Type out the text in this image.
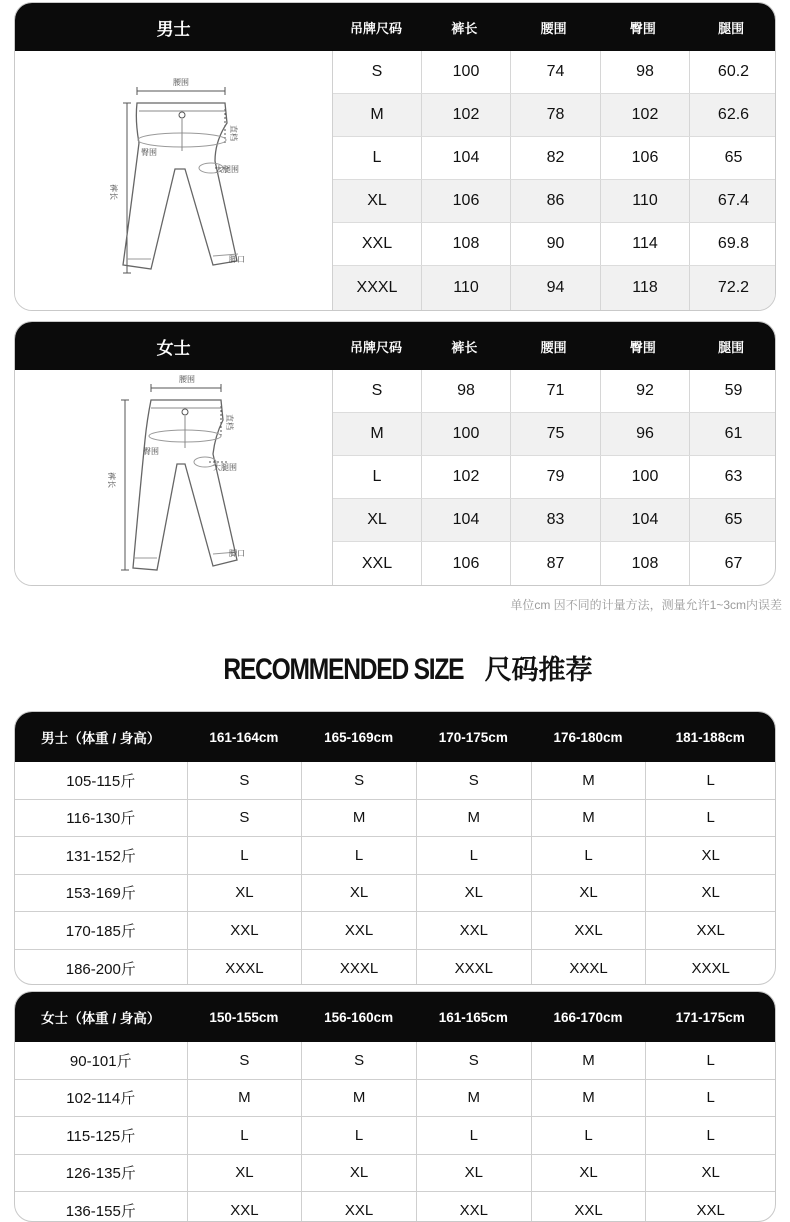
男士	吊牌尺码	裤长	腰围	臀围	腿围
腰围
直档
臀围
大腿围
裤长
脚口
S	100	74	98	60.2
M	102	78	102	62.6
L	104	82	106	65
XL	106	86	110	67.4
XXL	108	90	114	69.8
XXXL	110	94	118	72.2
女士	吊牌尺码	裤长	腰围	臀围	腿围
腰围
直档
臀围
大腿围
裤长
脚口
S	98	71	92	59
M	100	75	96	61
L	102	79	100	63
XL	104	83	104	65
XXL	106	87	108	67
单位cm 因不同的计量方法，测量允许1~3cm内误差
RECOMMENDED SIZE 尺码推荐
男士（体重 / 身高）	161-164cm	165-169cm	170-175cm	176-180cm	181-188cm
105-115斤	S	S	S	M	L
116-130斤	S	M	M	M	L
131-152斤	L	L	L	L	XL
153-169斤	XL	XL	XL	XL	XL
170-185斤	XXL	XXL	XXL	XXL	XXL
186-200斤	XXXL	XXXL	XXXL	XXXL	XXXL
女士（体重 / 身高）	150-155cm	156-160cm	161-165cm	166-170cm	171-175cm
90-101斤	S	S	S	M	L
102-114斤	M	M	M	M	L
115-125斤	L	L	L	L	L
126-135斤	XL	XL	XL	XL	XL
136-155斤	XXL	XXL	XXL	XXL	XXL
